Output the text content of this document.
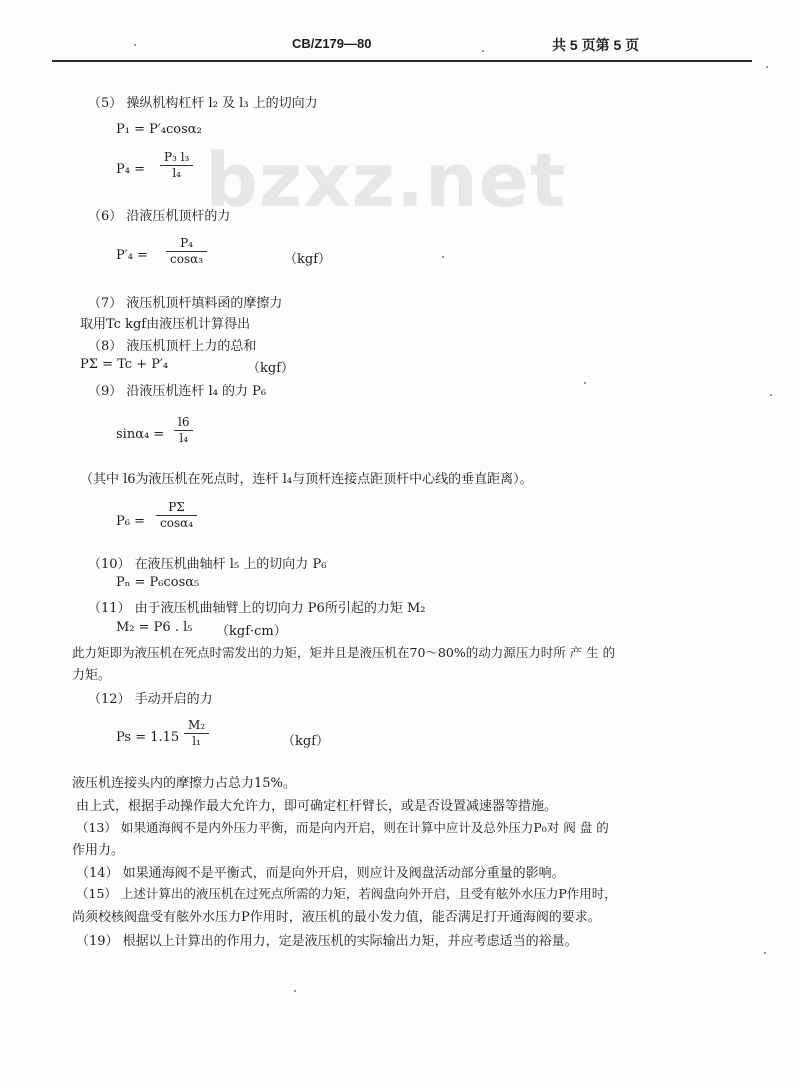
CB/Z179—80	共 5 页第 5 页
bzxz.net
（5） 操纵机构杠杆 l₂ 及 l₃ 上的切向力
P₁ = P′₄cosα₂
$P_4 = \frac{\text{P₃ l₃}}{\text{l₄}}$
（6） 沿液压机顶杆的力
$P'_4 = \frac{\text{P₄}}{\text{cosα₃}}$	（kgf）
（7） 液压机顶杆填料函的摩擦力
取用Tc kgf由液压机计算得出
（8） 液压机顶杆上力的总和
PΣ = Tc + P′₄	（kgf）
（9） 沿液压机连杆 l₄ 的力 P₆
$\sin\alpha_4 = \frac{l6}{\text{l₄}}$
（其中 l6为液压机在死点时，连杆 l₄与顶杆连接点距顶杆中心线的垂直距离）。
$P_6 = \frac{P\Sigma}{\text{cosα₄}}$
（10） 在液压机曲轴杆 l₅ 上的切向力 P₆
Pₙ = P₆cosα₅
（11） 由于液压机曲轴臂上的切向力 P6所引起的力矩 M₂
M₂ = P6 . l₅ （kgf·cm）
此力矩即为液压机在死点时需发出的力矩，矩并且是液压机在70～80%的动力源压力时所 产 生 的
力矩。
（12） 手动开启的力
$Ps = 1.15 \frac{\text{M₂}}{\text{l₁}}$	（kgf）
液压机连接头内的摩擦力占总力15%。
由上式，根据手动操作最大允许力，即可确定杠杆臂长，或是否设置减速器等措施。
（13） 如果通海阀不是内外压力平衡，而是向内开启，则在计算中应计及总外压力P₀对 阀 盘 的
作用力。
（14） 如果通海阀不是平衡式，而是向外开启，则应计及阀盘活动部分重量的影响。
（15） 上述计算出的液压机在过死点所需的力矩，若阀盘向外开启，且受有舷外水压力P作用时，
尚须校核阀盘受有舷外水压力P作用时，液压机的最小发力值，能否满足打开通海阀的要求。
（19） 根据以上计算出的作用力，定是液压机的实际输出力矩，并应考虑适当的裕量。
